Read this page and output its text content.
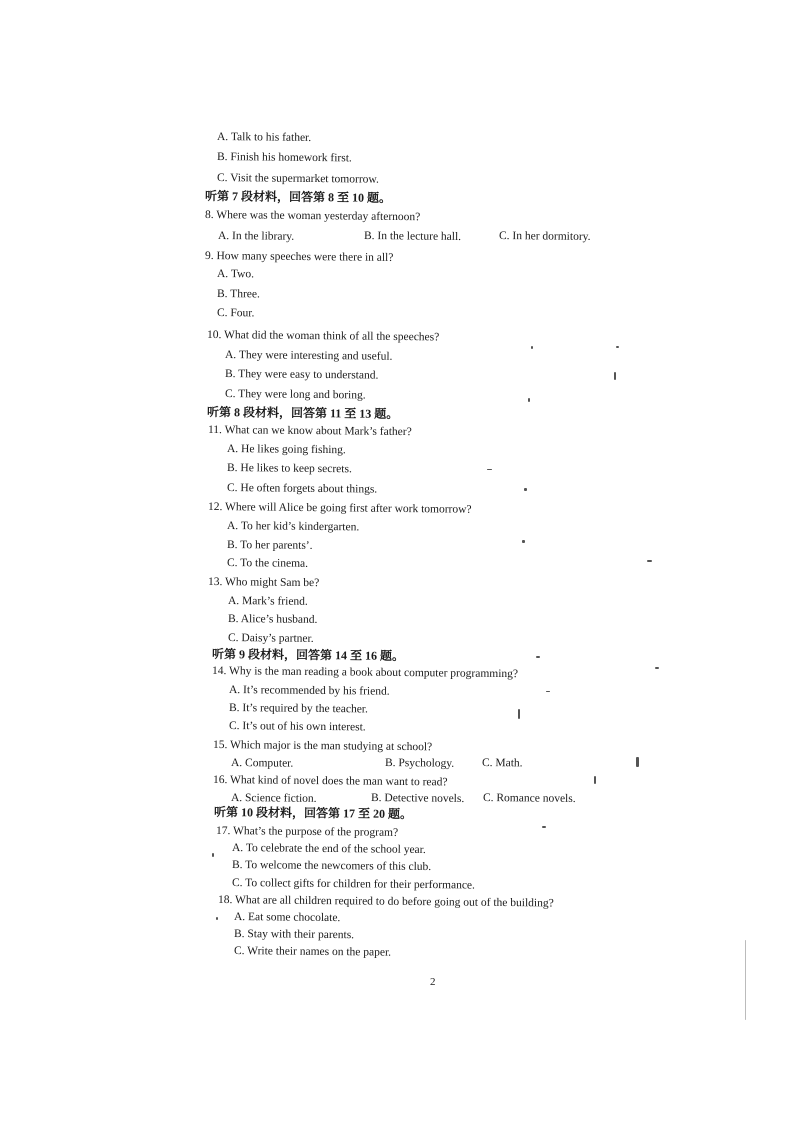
A. Talk to his father.
B. Finish his homework first.
C. Visit the supermarket tomorrow.
听第 7 段材料，回答第 8 至 10 题。
8. Where was the woman yesterday afternoon?
9. How many speeches were there in all?
A. Two.
B. Three.
C. Four.
10. What did the woman think of all the speeches?
A. They were interesting and useful.
B. They were easy to understand.
C. They were long and boring.
听第 8 段材料，回答第 11 至 13 题。
11. What can we know about Mark’s father?
A. He likes going fishing.
B. He likes to keep secrets.
C. He often forgets about things.
12. Where will Alice be going first after work tomorrow?
A. To her kid’s kindergarten.
B. To her parents’.
C. To the cinema.
13. Who might Sam be?
A. Mark’s friend.
B. Alice’s husband.
C. Daisy’s partner.
听第 9 段材料，回答第 14 至 16 题。
14. Why is the man reading a book about computer programming?
A. It’s recommended by his friend.
B. It’s required by the teacher.
C. It’s out of his own interest.
15. Which major is the man studying at school?
16. What kind of novel does the man want to read?
听第 10 段材料，回答第 17 至 20 题。
17. What’s the purpose of the program?
A. To celebrate the end of the school year.
B. To welcome the newcomers of this club.
C. To collect gifts for children for their performance.
18. What are all children required to do before going out of the building?
A. Eat some chocolate.
B. Stay with their parents.
C. Write their names on the paper.
A. In the library.	B. In the lecture hall.	C. In her dormitory.
A. Computer.	B. Psychology. C. Math.
A. Science fiction.	B. Detective novels. C. Romance novels.
2
